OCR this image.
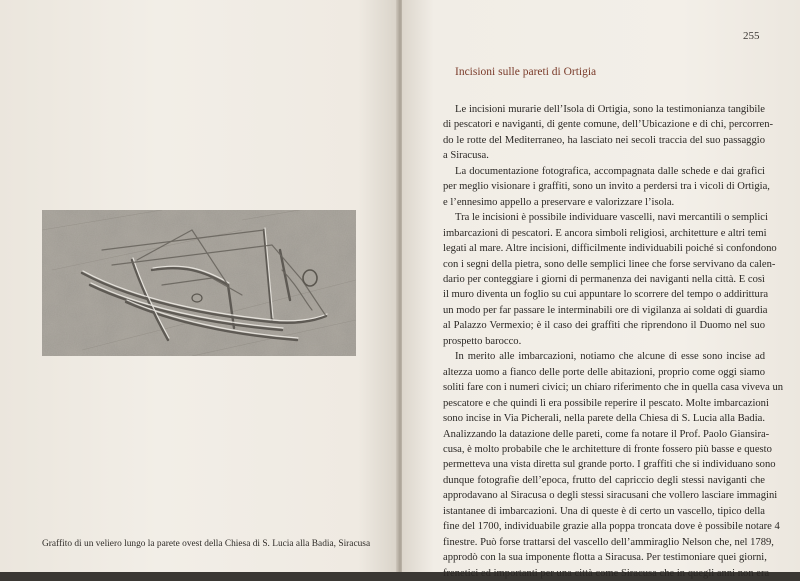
Graffito di un veliero lungo la parete ovest della Chiesa di S. Lucia alla Badia, Siracusa
255
Incisioni sulle pareti di Ortigia
Le incisioni murarie dell’Isola di Ortigia, sono la testimonianza tangibile
di pescatori e naviganti, di gente comune, dell’Ubicazione e di chi, percorren-
do le rotte del Mediterraneo, ha lasciato nei secoli traccia del suo passaggio
a Siracusa.
La documentazione fotografica, accompagnata dalle schede e dai grafici
per meglio visionare i graffiti, sono un invito a perdersi tra i vicoli di Ortigia,
e l’ennesimo appello a preservare e valorizzare l’isola.
Tra le incisioni è possibile individuare vascelli, navi mercantili o semplici
imbarcazioni di pescatori. E ancora simboli religiosi, architetture e altri temi
legati al mare. Altre incisioni, difficilmente individuabili poiché si confondono
con i segni della pietra, sono delle semplici linee che forse servivano da calen-
dario per conteggiare i giorni di permanenza dei naviganti nella città. E così
il muro diventa un foglio su cui appuntare lo scorrere del tempo o addirittura
un modo per far passare le interminabili ore di vigilanza ai soldati di guardia
al Palazzo Vermexio; è il caso dei graffiti che riprendono il Duomo nel suo
prospetto barocco.
In merito alle imbarcazioni, notiamo che alcune di esse sono incise ad
altezza uomo a fianco delle porte delle abitazioni, proprio come oggi siamo
soliti fare con i numeri civici; un chiaro riferimento che in quella casa viveva un
pescatore e che quindi lì era possibile reperire il pescato. Molte imbarcazioni
sono incise in Via Picherali, nella parete della Chiesa di S. Lucia alla Badia.
Analizzando la datazione delle pareti, come fa notare il Prof. Paolo Giansira-
cusa, è molto probabile che le architetture di fronte fossero più basse e questo
permetteva una vista diretta sul grande porto. I graffiti che si individuano sono
dunque fotografie dell’epoca, frutto del capriccio degli stessi naviganti che
approdavano al Siracusa o degli stessi siracusani che vollero lasciare immagini
istantanee di imbarcazioni. Una di queste è di certo un vascello, tipico della
fine del 1700, individuabile grazie alla poppa troncata dove è possibile notare 4
finestre. Può forse trattarsi del vascello dell’ammiraglio Nelson che, nel 1789,
approdò con la sua imponente flotta a Siracusa. Per testimoniare quei giorni,
frenetici ed importanti per una città come Siracusa che in quegli anni non era
